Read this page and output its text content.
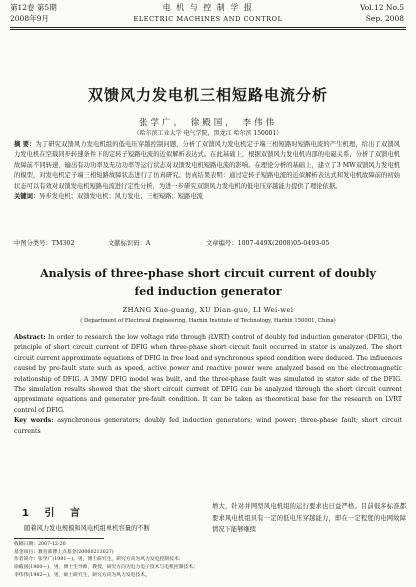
第12卷 第5期
2008年9月
电 机 与 控 制 学 报
ELECTRIC MACHINES AND CONTROL
Vol.12 No.5
Sep. 2008
双馈风力发电机三相短路电流分析
张学广， 徐殿国， 李伟伟
（哈尔滨工业大学 电气学院，黑龙江 哈尔滨 150001）
摘 要：为了研究双馈风力发电机组的低电压穿越控制问题，分析了双馈风力发电机定子端三相短路时短路电流的产生机理，给出了双馈风力发电机在空载同步转速条件下的定转子短路电流的近似解析表达式。在此基础上，根据双馈风力发电机内部的电磁关系，分析了双馈电机故障前不同转速、输出有功功率及无功功率等运行状态对双馈发电机短路电流的影响。在理论分析的基础上，建立了3 MW双馈风力发电机的模型，对发电机定子端三相短路故障状态进行了仿真研究。仿真结果表明：通过定转子短路电流的近似解析表达式和发电机故障前的初始状态可以有效对双馈发电机短路电流进行定性分析，为进一步研究双馈风力发电机的低电压穿越能力提供了理论依据。
关键词：异步发电机；双馈发电机；风力发电；三相短路；短路电流
中图分类号：TM302	文献标识码：A	文章编号：1007-449X(2008)05-0493-05
Analysis of three-phase short circuit current of doubly
fed induction generator
ZHANG Xue-guang, XU Dian-guo, LI Wei-wei
( Department of Electrical Engineering, Harbin Institute of Technology, Harbin 150001, China)
Abstract: In order to research the low voltage ride through (LVRT) control of doubly fed induction generator (DFIG), the principle of short circuit current of DFIG when three-phase short circuit fault occurred in stator is analyzed. The short circuit current approximate equations of DFIG in free load and synchronous speed condition were deduced. The influences caused by pre-fault state such as speed, active power and reactive power were analyzed based on the electromagnetic relationship of DFIG. A 3MW DFIG model was built, and the three-phase fault was simulated in stator side of the DFIG. The simulation results showed that the short circuit current of DFIG can be analyzed through the short circuit current approximate equations and generator pre-fault condition. It can be taken as theoretical base for the research on LVRT control of DFIG.
Key words: asynchronous generators; doubly fed induction generators; wind power; three-phase fault; short circuit currents
1 引 言
随着风力发电规模和风电机组单机容量的不断
收稿日期：2007-12-20
基金项目：教育部博士点基金(20060213027)
作者简介：张学广(1981—)，男，博士研究生，研究方向为风力发电控制技术；
徐殿国(1960—)，男，博士生导师，教授，研究方向为电力电子技术与电机控制技术；
李伟伟(1982—)，男，硕士研究生，研究方向为风力发电技术。
增大，针对并网型风电机组的运行要求也日益严格。目前很多标准都要求风电机组具有一定的低电压穿越能力，即在一定程度的电网故障情况下能够继续
